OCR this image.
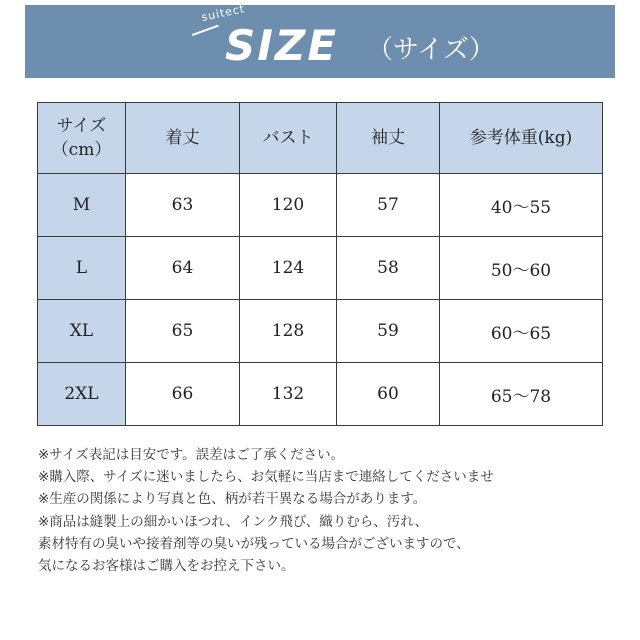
suitect
SIZE （サイズ）
サイズ
（cm）	着丈	バスト	袖丈	参考体重(kg)
M	63	120	57	40～55
L	64	124	58	50～60
XL	65	128	59	60～65
2XL	66	132	60	65～78
※サイズ表記は目安です。誤差はご了承ください。
※購入際、サイズに迷いましたら、お気軽に当店まで連絡してくださいませ
※生産の関係により写真と色、柄が若干異なる場合があります。
※商品は縫製上の細かいほつれ、インク飛び、織りむら、汚れ、
素材特有の臭いや接着剤等の臭いが残っている場合がございますので、
気になるお客様はご購入をお控え下さい。
